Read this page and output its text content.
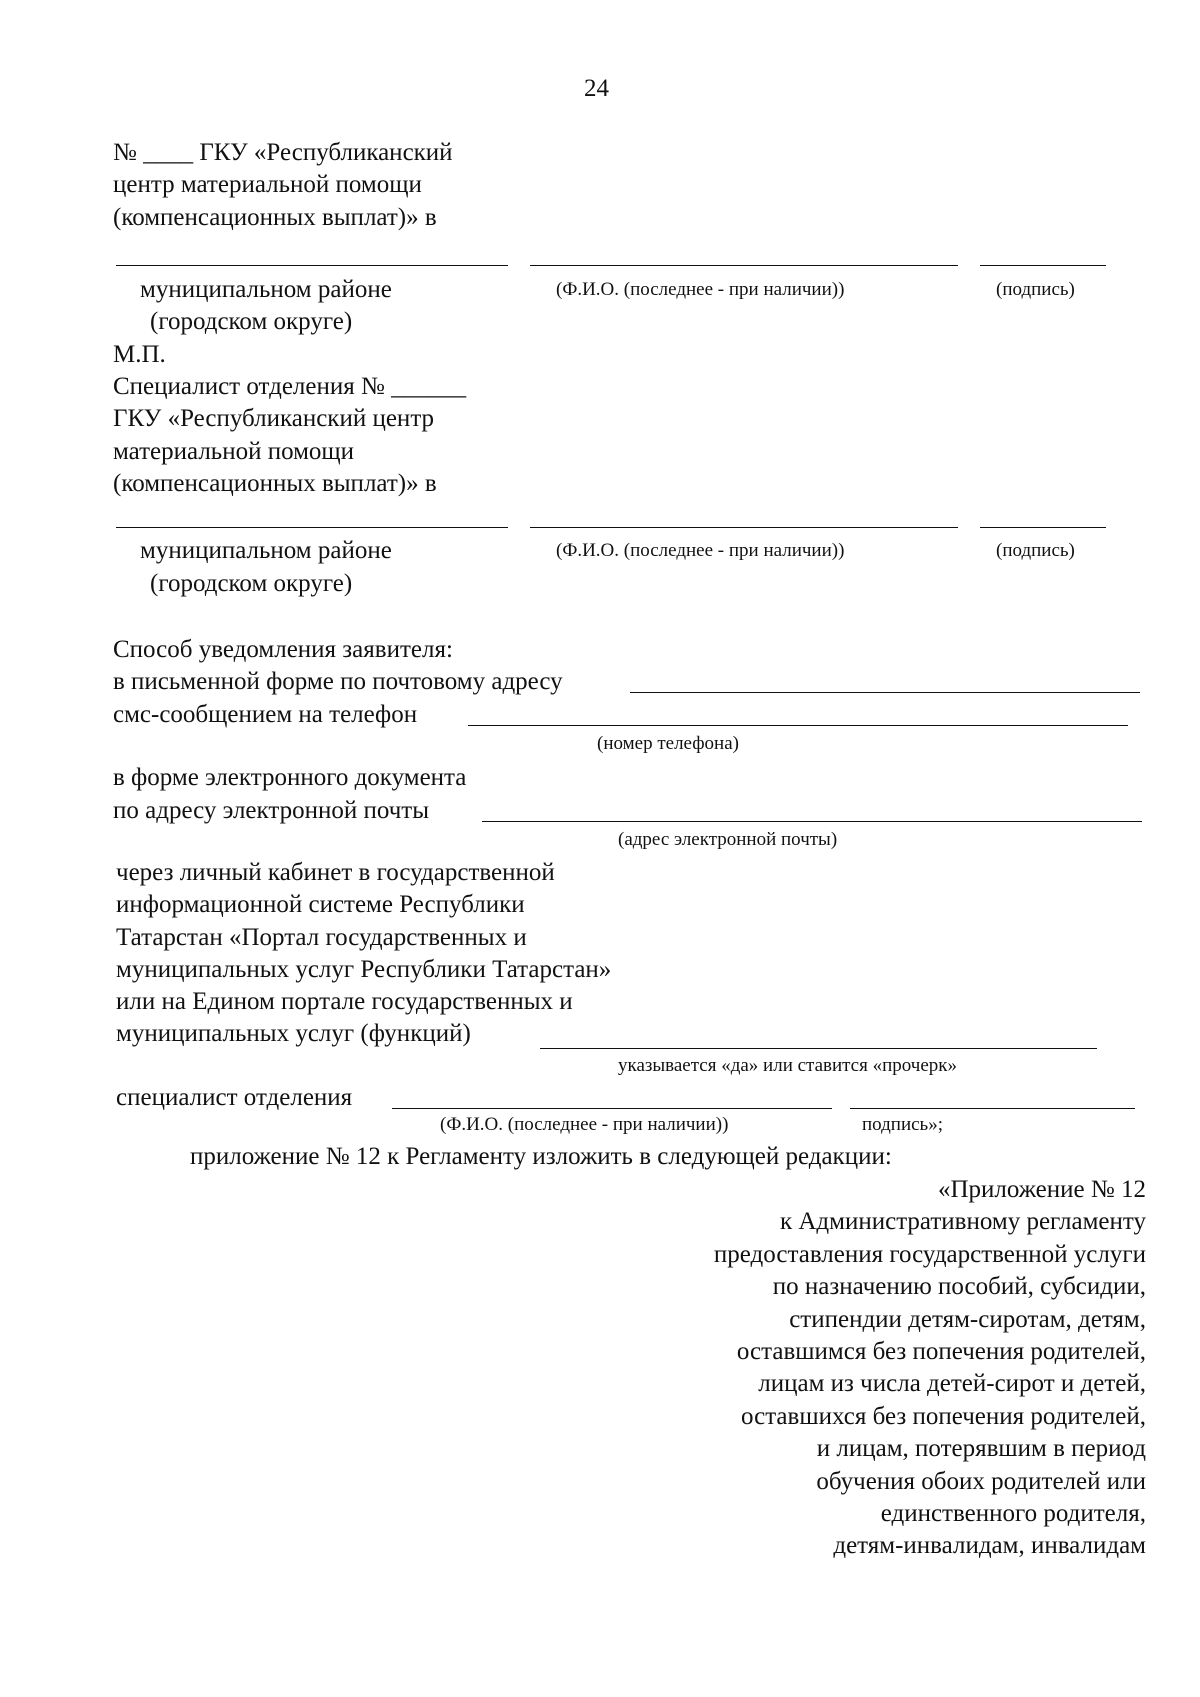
24
№ ____ ГКУ «Республиканский
центр материальной помощи
(компенсационных выплат)» в
муниципальном районе	(Ф.И.О. (последнее - при наличии))	(подпись)
(городском округе)
М.П.
Специалист отделения № ______
ГКУ «Республиканский центр
материальной помощи
(компенсационных выплат)» в
муниципальном районе	(Ф.И.О. (последнее - при наличии))	(подпись)
(городском округе)
Способ уведомления заявителя:
в письменной форме по почтовому адресу
смс-сообщением на телефон
(номер телефона)
в форме электронного документа
по адресу электронной почты
(адрес электронной почты)
через личный кабинет в государственной
информационной системе Республики
Татарстан «Портал государственных и
муниципальных услуг Республики Татарстан»
или на Едином портале государственных и
муниципальных услуг (функций)
указывается «да» или ставится «прочерк»
специалист отделения
(Ф.И.О. (последнее - при наличии))	подпись»;
приложение № 12 к Регламенту изложить в следующей редакции:
«Приложение № 12
к Административному регламенту
предоставления государственной услуги
по назначению пособий, субсидии,
стипендии детям-сиротам, детям,
оставшимся без попечения родителей,
лицам из числа детей-сирот и детей,
оставшихся без попечения родителей,
и лицам, потерявшим в период
обучения обоих родителей или
единственного родителя,
детям-инвалидам, инвалидам
